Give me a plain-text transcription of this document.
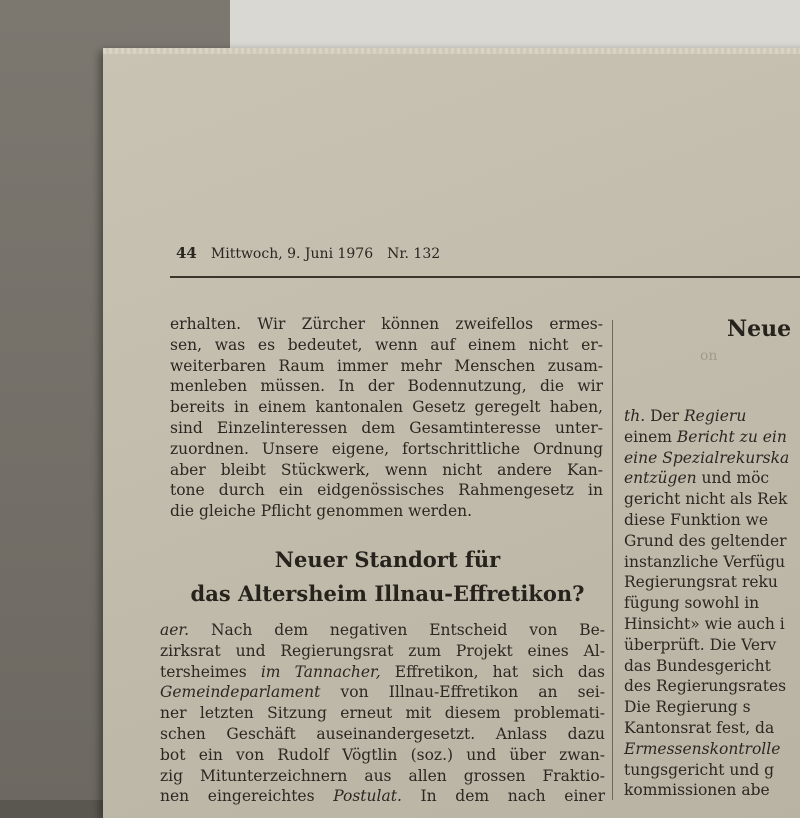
44 Mittwoch, 9. Juni 1976 Nr. 132
erhalten. Wir Zürcher können zweifellos ermes-
sen, was es bedeutet, wenn auf einem nicht er-
weiterbaren Raum immer mehr Menschen zusam-
menleben müssen. In der Bodennutzung, die wir
bereits in einem kantonalen Gesetz geregelt haben,
sind Einzelinteressen dem Gesamtinteresse unter-
zuordnen. Unsere eigene, fortschrittliche Ordnung
aber bleibt Stückwerk, wenn nicht andere Kan-
tone durch ein eidgenössisches Rahmengesetz in
die gleiche Pflicht genommen werden.
Neuer Standort für
das Altersheim Illnau-Effretikon?
aer. Nach dem negativen Entscheid von Be-
zirksrat und Regierungsrat zum Projekt eines Al-
tersheimes im Tannacher, Effretikon, hat sich das
Gemeindeparlament von Illnau-Effretikon an sei-
ner letzten Sitzung erneut mit diesem problemati-
schen Geschäft auseinandergesetzt. Anlass dazu
bot ein von Rudolf Vögtlin (soz.) und über zwan-
zig Mitunterzeichnern aus allen grossen Fraktio-
nen eingereichtes Postulat. In dem nach einer
Neue
on
th. Der Regieru
einem Bericht zu ein
eine Spezialrekurska
entzügen und möc
gericht nicht als Rek
diese Funktion we
Grund des geltender
instanzliche Verfügu
Regierungsrat reku
fügung sowohl in
Hinsicht» wie auch i
überprüft. Die Verv
das Bundesgericht
des Regierungsrates
Die Regierung s
Kantonsrat fest, da
Ermessenskontrolle
tungsgericht und g
kommissionen abe
